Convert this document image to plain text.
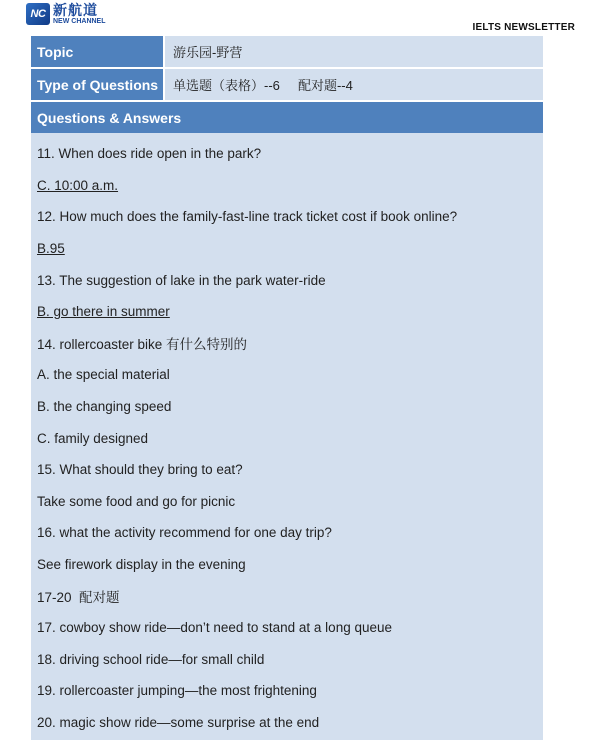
NC 新航道
NEW CHANNEL
IELTS NEWSLETTER
Topic	游乐园-野营
Type of Questions	单选题（表格）--6     配对题--4
Questions & Answers
11. When does ride open in the park?
C. 10:00 a.m.
12. How much does the family-fast-line track ticket cost if book online?
B.95
13. The suggestion of lake in the park water-ride
B. go there in summer
14. rollercoaster bike 有什么特别的
A. the special material
B. the changing speed
C. family designed
15. What should they bring to eat?
Take some food and go for picnic
16. what the activity recommend for one day trip?
See firework display in the evening
17-20  配对题
17. cowboy show ride—don’t need to stand at a long queue
18. driving school ride—for small child
19. rollercoaster jumping—the most frightening
20. magic show ride—some surprise at the end
